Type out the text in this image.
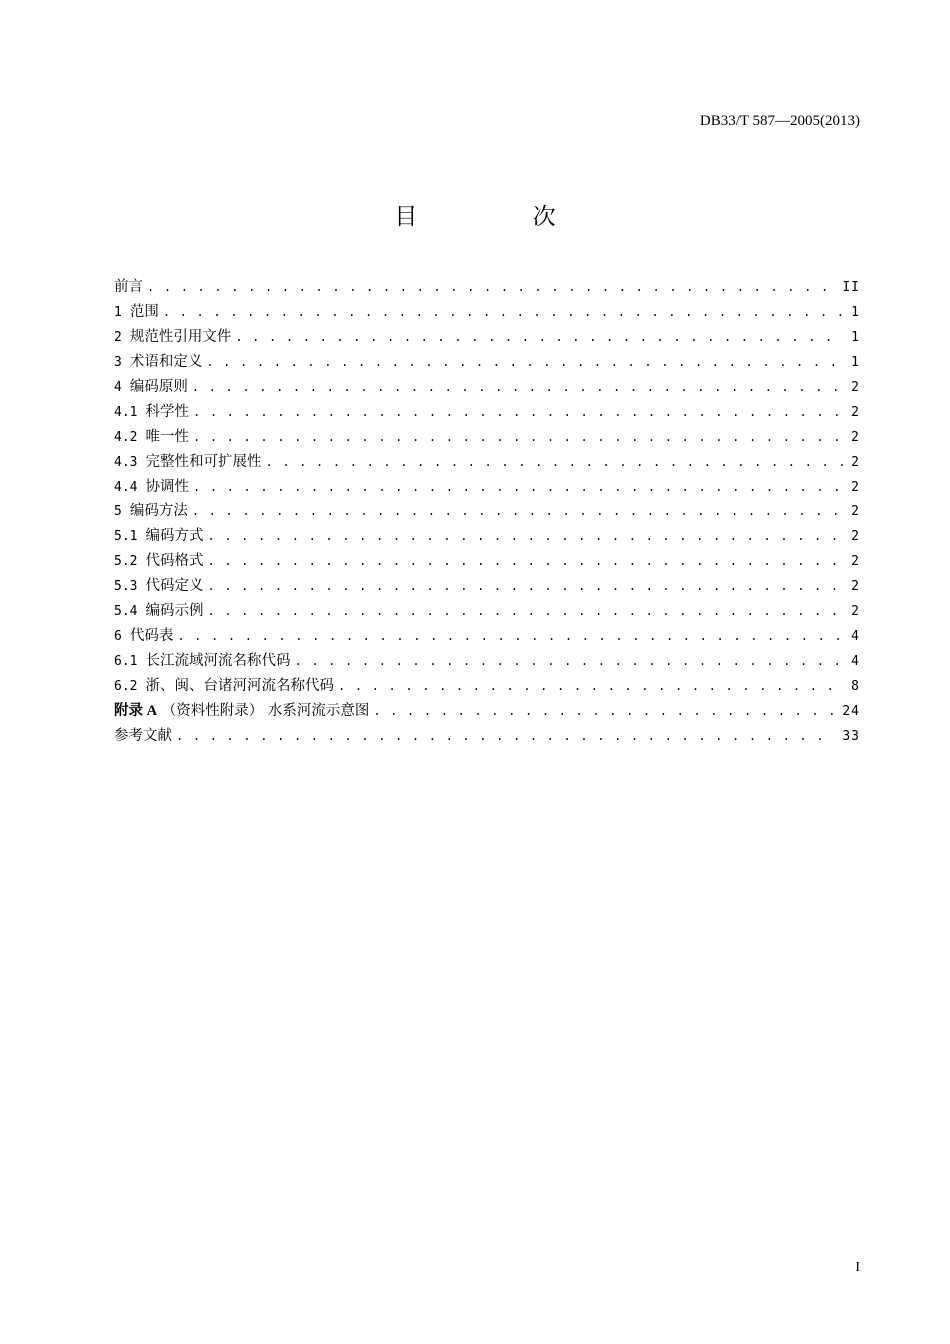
DB33/T 587—2005(2013)
目 次
前言 . . .	II
1 范围 . . .	1
2 规范性引用文件 . . .	1
3 术语和定义 . . .	1
4 编码原则 . . .	2
4.1 科学性 . . .	2
4.2 唯一性 . . .	2
4.3 完整性和可扩展性 . . .	2
4.4 协调性 . . .	2
5 编码方法 . . .	2
5.1 编码方式 . . .	2
5.2 代码格式 . . .	2
5.3 代码定义 . . .	2
5.4 编码示例 . . .	2
6 代码表 . . .	4
6.1 长江流域河流名称代码 . . .	4
6.2 浙、闽、台诸河河流名称代码 . . .	8
附录 A （资料性附录） 水系河流示意图 . . .	24
参考文献 . . .	33
I
